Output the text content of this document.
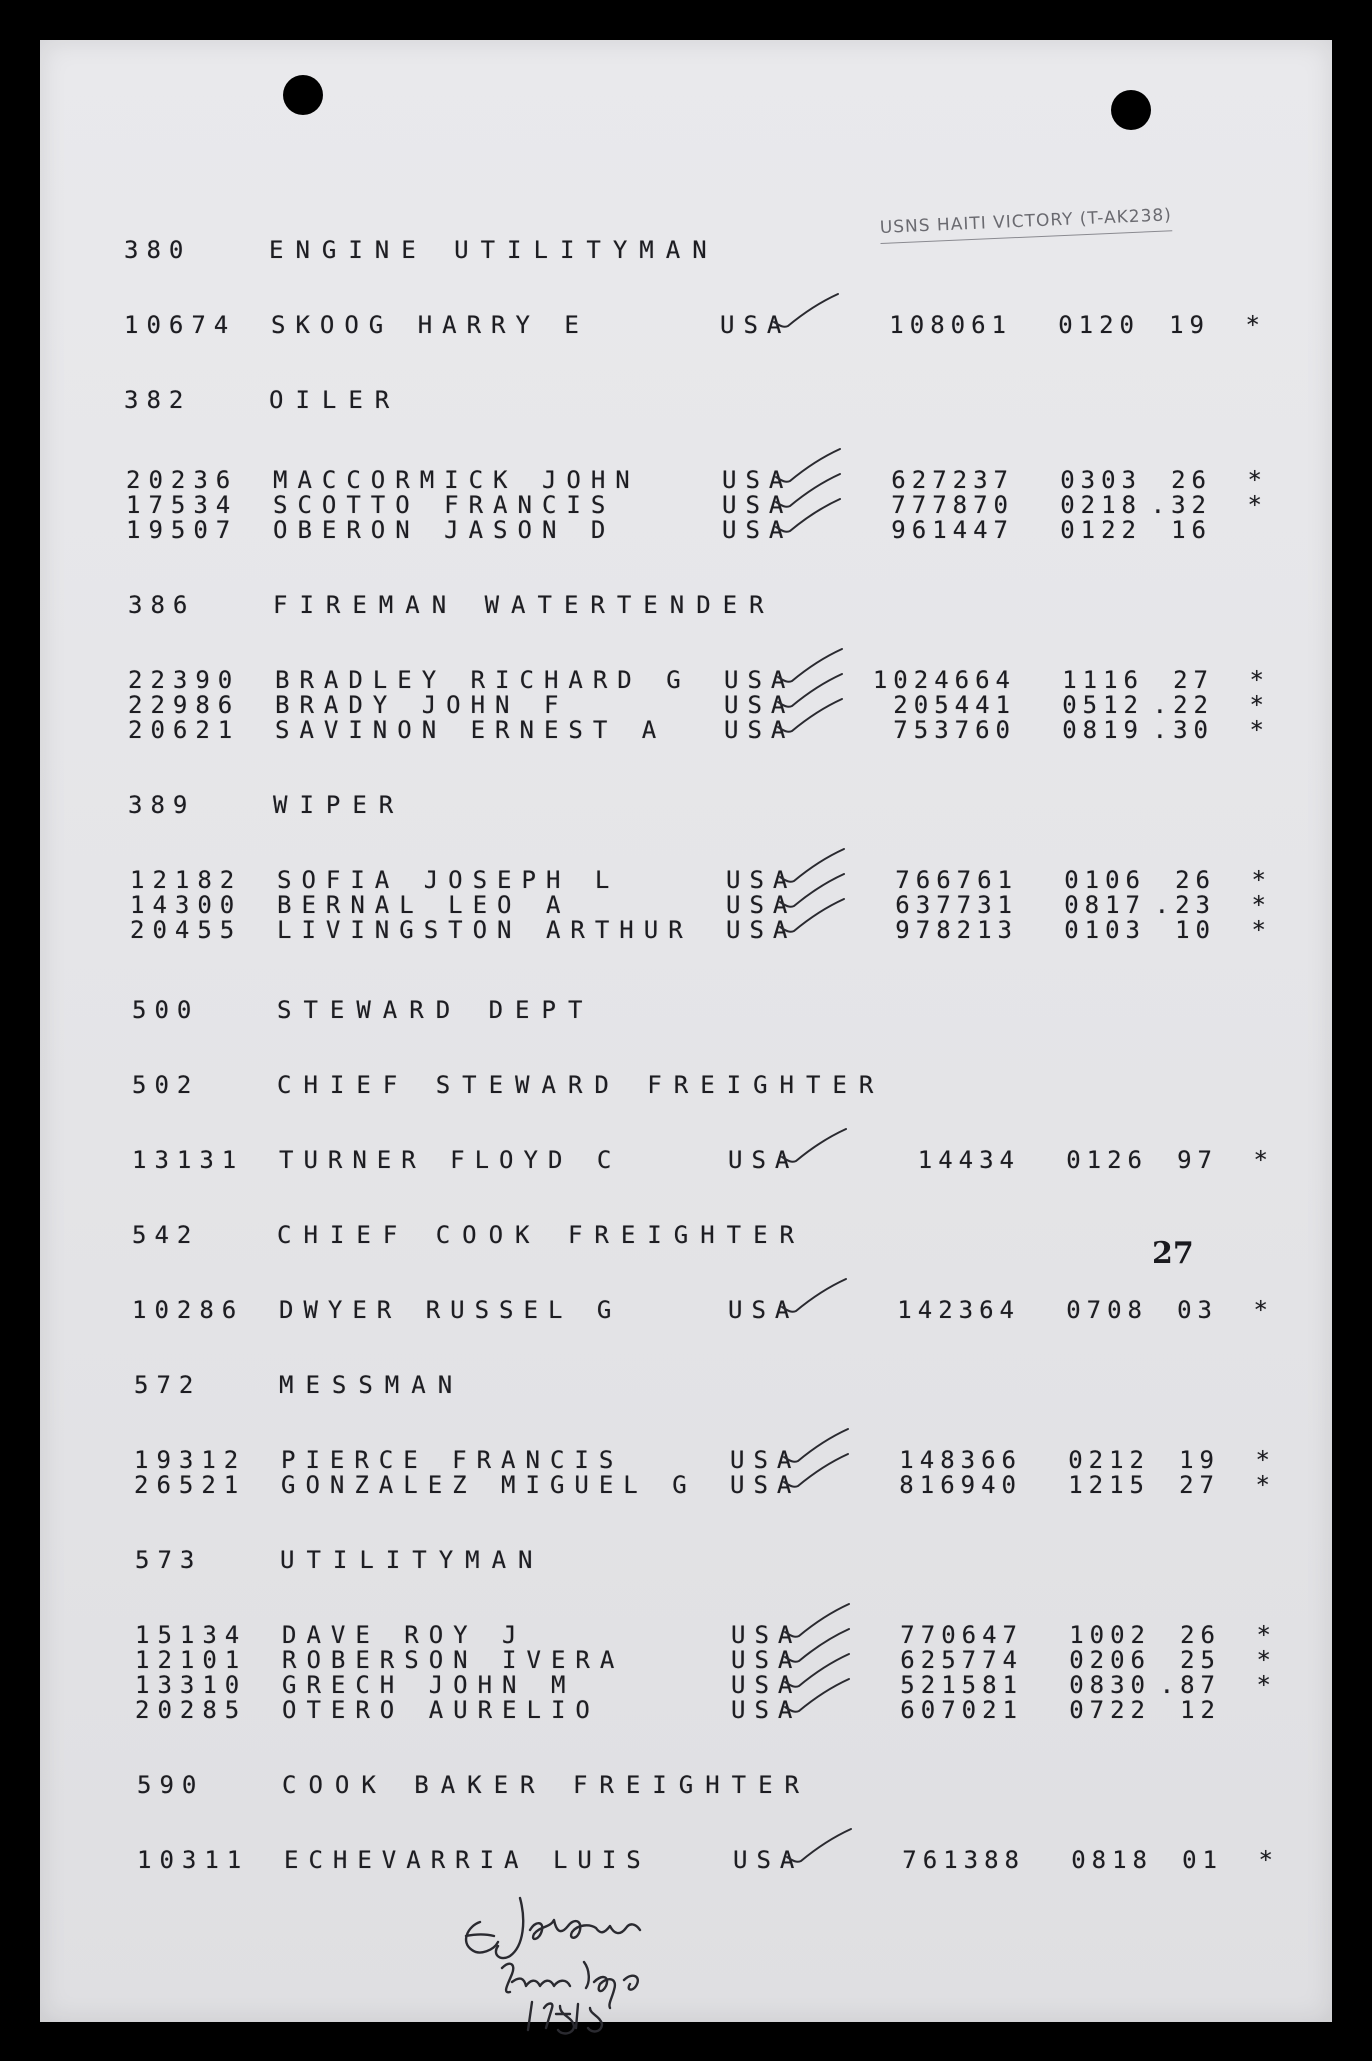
USNS HAITI VICTORY (T-AK238)
380	ENGINE UTILITYMAN
10674 SKOOG HARRY E	USA	108061 0120 19 *
382	OILER
20236 MACCORMICK JOHN	USA	627237 0303 26 *
17534 SCOTTO FRANCIS	USA	777870 0218 .32 *
19507 OBERON JASON D	USA	961447 0122 16
386	FIREMAN WATERTENDER
22390 BRADLEY RICHARD G USA	1024664 1116 27 *
22986 BRADY JOHN F	USA	205441 0512 .22 *
20621 SAVINON ERNEST A USA	753760 0819 .30 *
389	WIPER
12182 SOFIA JOSEPH L	USA	766761 0106 26 *
14300 BERNAL LEO A	USA	637731 0817 .23 *
20455 LIVINGSTON ARTHUR USA	978213 0103 10 *
500	STEWARD DEPT
502	CHIEF STEWARD FREIGHTER
13131 TURNER FLOYD C	USA	14434 0126 97 *
542	CHIEF COOK FREIGHTER
10286 DWYER RUSSEL G	USA	142364 0708 03 *
572	MESSMAN
19312 PIERCE FRANCIS	USA	148366 0212 19 *
26521 GONZALEZ MIGUEL G USA	816940 1215 27 *
573	UTILITYMAN
15134 DAVE ROY J	USA	770647 1002 26 *
12101 ROBERSON IVERA	USA	625774 0206 25 *
13310 GRECH JOHN M	USA	521581 0830 .87 *
20285 OTERO AURELIO	USA	607021 0722 12
590	COOK BAKER FREIGHTER
10311 ECHEVARRIA LUIS	USA	761388 0818 01 *
27
